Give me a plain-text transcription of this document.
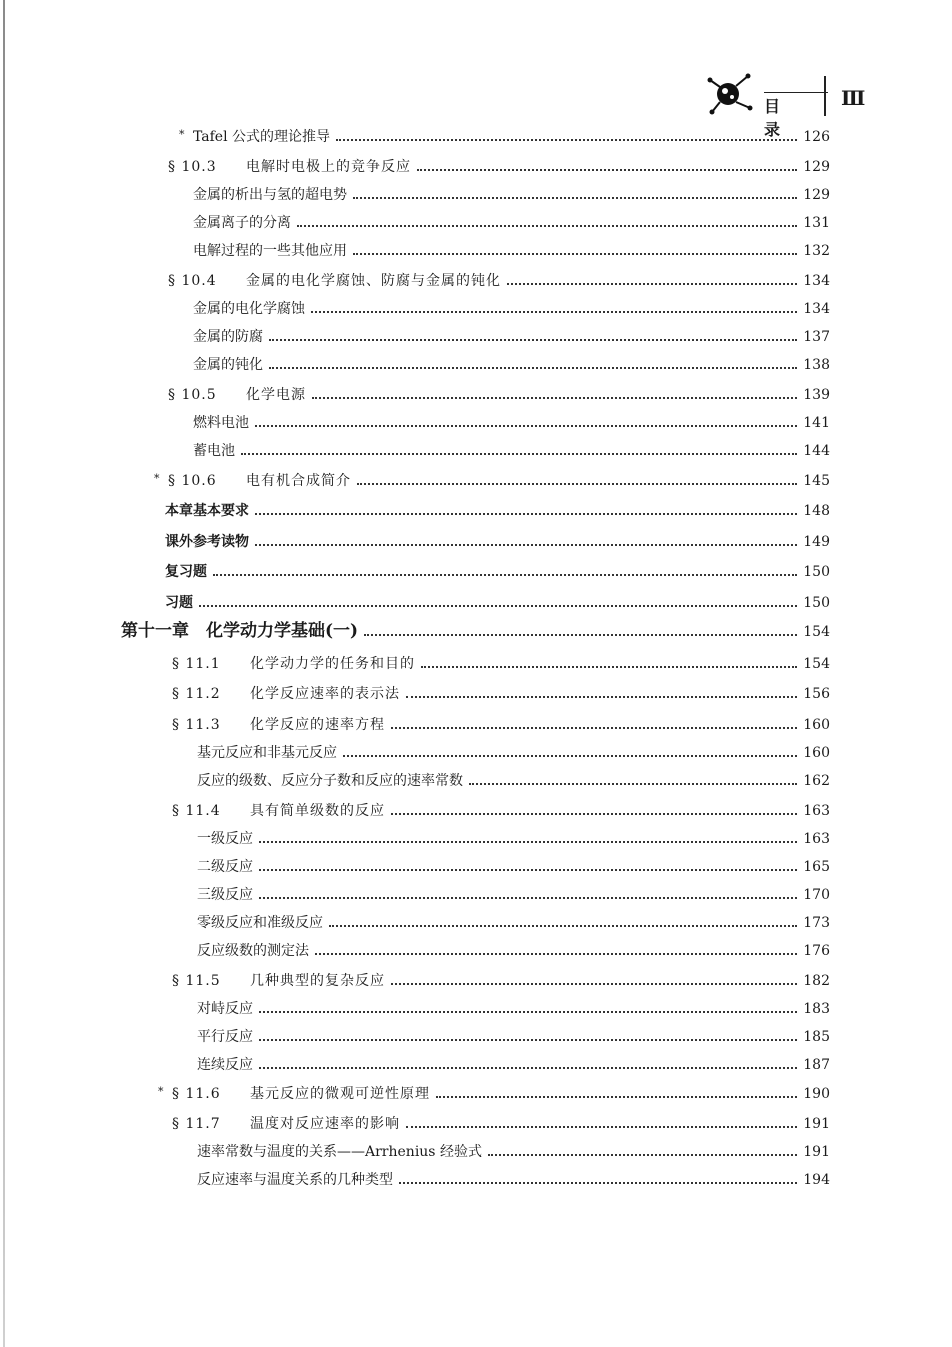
目 录
Ⅲ
* Tafel 公式的理论推导	126
§ 10.3 电解时电极上的竞争反应	129
金属的析出与氢的超电势	129
金属离子的分离	131
电解过程的一些其他应用	132
§ 10.4 金属的电化学腐蚀、防腐与金属的钝化	134
金属的电化学腐蚀	134
金属的防腐	137
金属的钝化	138
§ 10.5 化学电源	139
燃料电池	141
蓄电池	144
* § 10.6 电有机合成简介	145
本章基本要求	148
课外参考读物	149
复习题	150
习题	150
第十一章　化学动力学基础(一)	154
§ 11.1 化学动力学的任务和目的	154
§ 11.2 化学反应速率的表示法	156
§ 11.3 化学反应的速率方程	160
基元反应和非基元反应	160
反应的级数、反应分子数和反应的速率常数	162
§ 11.4 具有简单级数的反应	163
一级反应	163
二级反应	165
三级反应	170
零级反应和准级反应	173
反应级数的测定法	176
§ 11.5 几种典型的复杂反应	182
对峙反应	183
平行反应	185
连续反应	187
* § 11.6 基元反应的微观可逆性原理	190
§ 11.7 温度对反应速率的影响	191
速率常数与温度的关系——Arrhenius 经验式	191
反应速率与温度关系的几种类型	194
